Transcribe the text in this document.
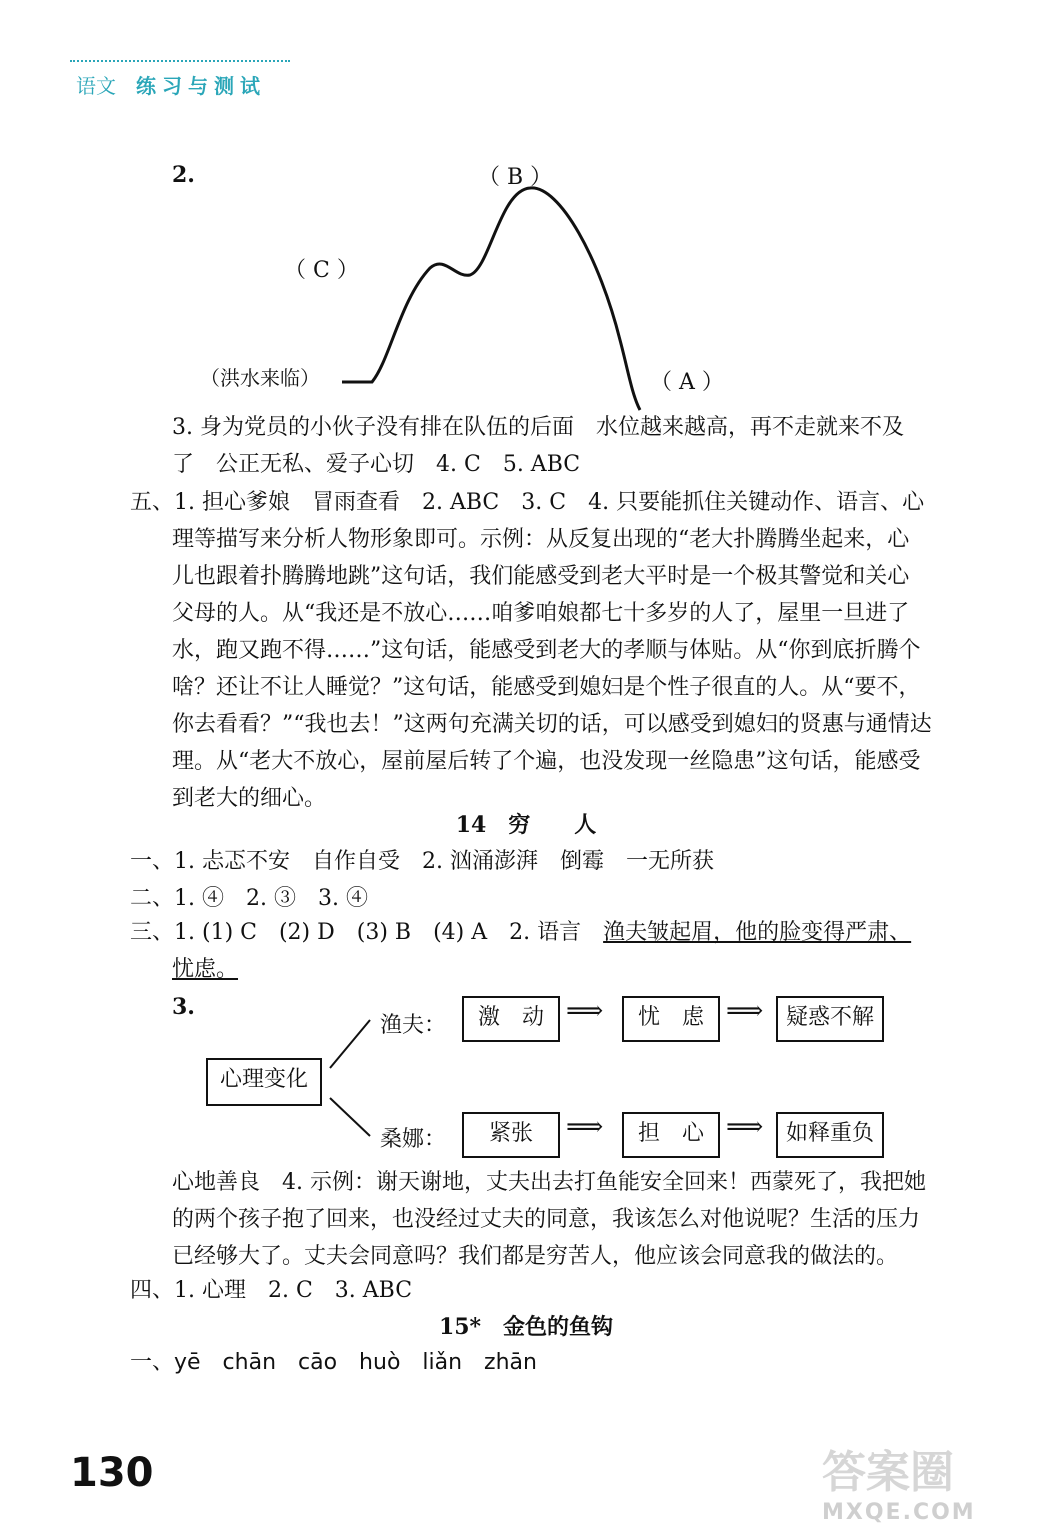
语文 练习与测试
2.	（ B ）
（ C ）
（ A ）
（洪水来临）
3. 身为党员的小伙子没有排在队伍的后面　水位越来越高，再不走就来不及
了　公正无私、爱子心切　4. C　5. ABC
五、1. 担心爹娘　冒雨查看　2. ABC　3. C　4. 只要能抓住关键动作、语言、心
理等描写来分析人物形象即可。示例：从反复出现的“老大扑腾腾坐起来，心
儿也跟着扑腾腾地跳”这句话，我们能感受到老大平时是一个极其警觉和关心
父母的人。从“我还是不放心……咱爹咱娘都七十多岁的人了，屋里一旦进了
水，跑又跑不得……”这句话，能感受到老大的孝顺与体贴。从“你到底折腾个
啥？还让不让人睡觉？”这句话，能感受到媳妇是个性子很直的人。从“要不，
你去看看？”“我也去！”这两句充满关切的话，可以感受到媳妇的贤惠与通情达
理。从“老大不放心，屋前屋后转了个遍，也没发现一丝隐患”这句话，能感受
到老大的细心。
14　穷　　人
一、1. 忐忑不安　自作自受　2. 汹涌澎湃　倒霉　一无所获
二、1. ④　2. ③　3. ④
三、1. (1) C　(2) D　(3) B　(4) A　2. 语言　渔夫皱起眉，他的脸变得严肃、
忧虑。
3.
心理变化
渔夫：
桑娜：
激　动 ⟹	忧　虑 ⟹	疑惑不解
紧张	⟹	担　心 ⟹	如释重负
心地善良　4. 示例：谢天谢地，丈夫出去打鱼能安全回来！西蒙死了，我把她
的两个孩子抱了回来，也没经过丈夫的同意，我该怎么对他说呢？生活的压力
已经够大了。丈夫会同意吗？我们都是穷苦人，他应该会同意我的做法的。
四、1. 心理　2. C　3. ABC
15*　金色的鱼钩
一、yē　chān　cāo　huò　liǎn　zhān
130	答案圈
MXQE.COM
